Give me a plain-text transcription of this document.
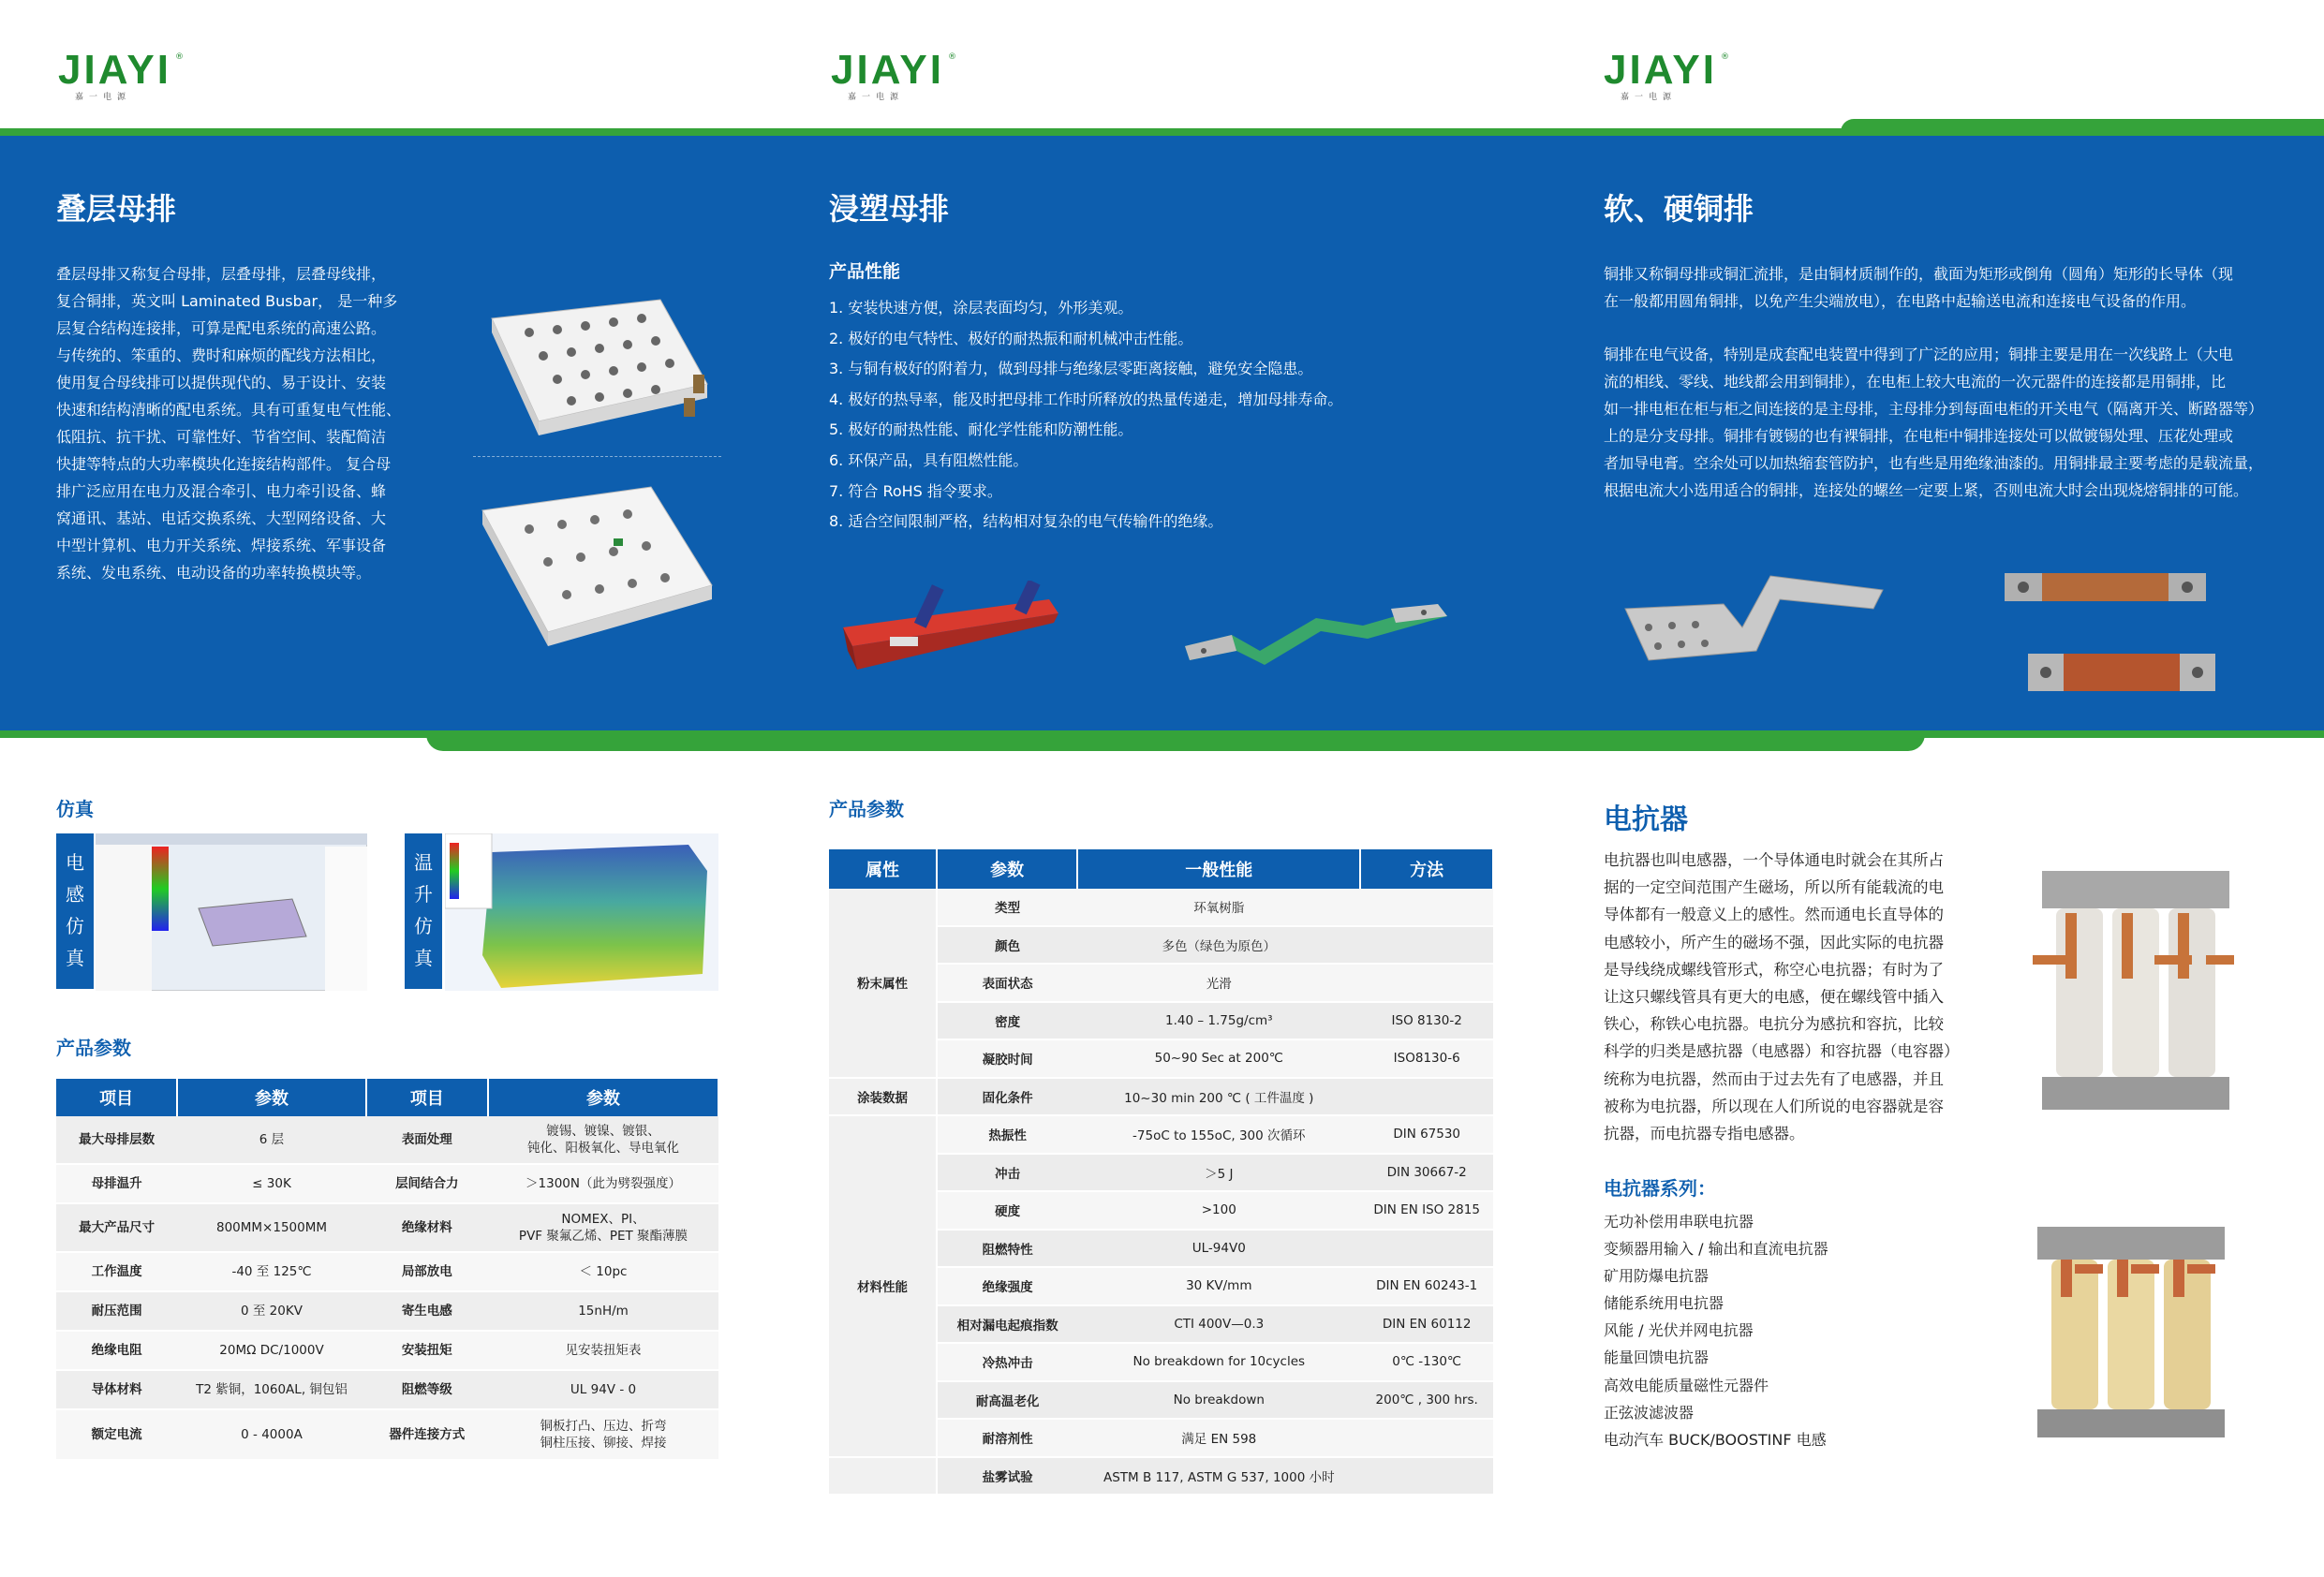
JIAYI
嘉一电源
®	JIAYI
嘉一电源
®	JIAYI
嘉一电源
®
叠层母排
叠层母排又称复合母排，层叠母排，层叠母线排，
复合铜排，英文叫 Laminated Busbar， 是一种多
层复合结构连接排，可算是配电系统的高速公路。
与传统的、笨重的、费时和麻烦的配线方法相比，
使用复合母线排可以提供现代的、易于设计、安装
快速和结构清晰的配电系统。具有可重复电气性能、
低阻抗、抗干扰、可靠性好、节省空间、装配简洁
快捷等特点的大功率模块化连接结构部件。 复合母
排广泛应用在电力及混合牵引、电力牵引设备、蜂
窝通讯、基站、电话交换系统、大型网络设备、大
中型计算机、电力开关系统、焊接系统、军事设备
系统、发电系统、电动设备的功率转换模块等。
浸塑母排
产品性能
1. 安装快速方便，涂层表面均匀，外形美观。
2. 极好的电气特性、极好的耐热振和耐机械冲击性能。
3. 与铜有极好的附着力，做到母排与绝缘层零距离接触，避免安全隐患。
4. 极好的热导率，能及时把母排工作时所释放的热量传递走，增加母排寿命。
5. 极好的耐热性能、耐化学性能和防潮性能。
6. 环保产品，具有阻燃性能。
7. 符合 RoHS 指令要求。
8. 适合空间限制严格，结构相对复杂的电气传输件的绝缘。
软、硬铜排
铜排又称铜母排或铜汇流排，是由铜材质制作的，截面为矩形或倒角（圆角）矩形的长导体（现
在一般都用圆角铜排，以免产生尖端放电），在电路中起输送电流和连接电气设备的作用。
铜排在电气设备，特别是成套配电装置中得到了广泛的应用；铜排主要是用在一次线路上（大电
流的相线、零线、地线都会用到铜排），在电柜上较大电流的一次元器件的连接都是用铜排，比
如一排电柜在柜与柜之间连接的是主母排，主母排分到每面电柜的开关电气（隔离开关、断路器等）
上的是分支母排。铜排有镀锡的也有裸铜排，在电柜中铜排连接处可以做镀锡处理、压花处理或
者加导电膏。空余处可以加热缩套管防护，也有些是用绝缘油漆的。用铜排最主要考虑的是载流量，
根据电流大小选用适合的铜排，连接处的螺丝一定要上紧，否则电流大时会出现烧熔铜排的可能。
仿真
电
感
仿
真
温
升
仿
真
产品参数
项目	参数	项目	参数
最大母排层数	6 层	表面处理	镀锡、镀镍、镀银、
钝化、阳极氧化、导电氧化
母排温升	≤ 30K	层间结合力	＞1300N（此为劈裂强度）
最大产品尺寸	800MM×1500MM	绝缘材料	NOMEX、PI、
PVF 聚氟乙烯、PET 聚酯薄膜
工作温度	-40 至 125℃	局部放电	＜ 10pc
耐压范围	0 至 20KV	寄生电感	15nH/m
绝缘电阻	20MΩ DC/1000V	安装扭矩	见安装扭矩表
导体材料	T2 紫铜，1060AL, 铜包铝	阻燃等级	UL 94V - 0
额定电流	0 - 4000A	器件连接方式	铜板打凸、压边、折弯
铜柱压接、铆接、焊接
产品参数
属性	参数	一般性能	方法
粉末属性	类型	环氧树脂	
	颜色	多色（绿色为原色）	
	表面状态	光滑	
	密度	1.40 – 1.75g/cm³	ISO 8130-2
	凝胶时间	50~90 Sec at 200℃	ISO8130-6
涂装数据	固化条件	10~30 min 200 ℃ ( 工件温度 )	
材料性能	热振性	-75oC to 155oC, 300 次循环	DIN 67530
	冲击	＞5 J	DIN 30667-2
	硬度	>100	DIN EN ISO 2815
	阻燃特性	UL-94V0	
	绝缘强度	30 KV/mm	DIN EN 60243-1
	相对漏电起痕指数	CTI 400V—0.3	DIN EN 60112
	冷热冲击	No breakdown for 10cycles	0℃ -130℃
	耐高温老化	No breakdown	200℃ , 300 hrs.
	耐溶剂性	满足 EN 598	
	盐雾试验	ASTM B 117, ASTM G 537, 1000 小时	
电抗器
电抗器也叫电感器，一个导体通电时就会在其所占
据的一定空间范围产生磁场，所以所有能载流的电
导体都有一般意义上的感性。然而通电长直导体的
电感较小，所产生的磁场不强，因此实际的电抗器
是导线绕成螺线管形式，称空心电抗器；有时为了
让这只螺线管具有更大的电感，便在螺线管中插入
铁心，称铁心电抗器。电抗分为感抗和容抗，比较
科学的归类是感抗器（电感器）和容抗器（电容器）
统称为电抗器，然而由于过去先有了电感器，并且
被称为电抗器，所以现在人们所说的电容器就是容
抗器，而电抗器专指电感器。
电抗器系列：
无功补偿用串联电抗器
变频器用输入 / 输出和直流电抗器
矿用防爆电抗器
储能系统用电抗器
风能 / 光伏并网电抗器
能量回馈电抗器
高效电能质量磁性元器件
正弦波滤波器
电动汽车 BUCK/BOOSTINF 电感
